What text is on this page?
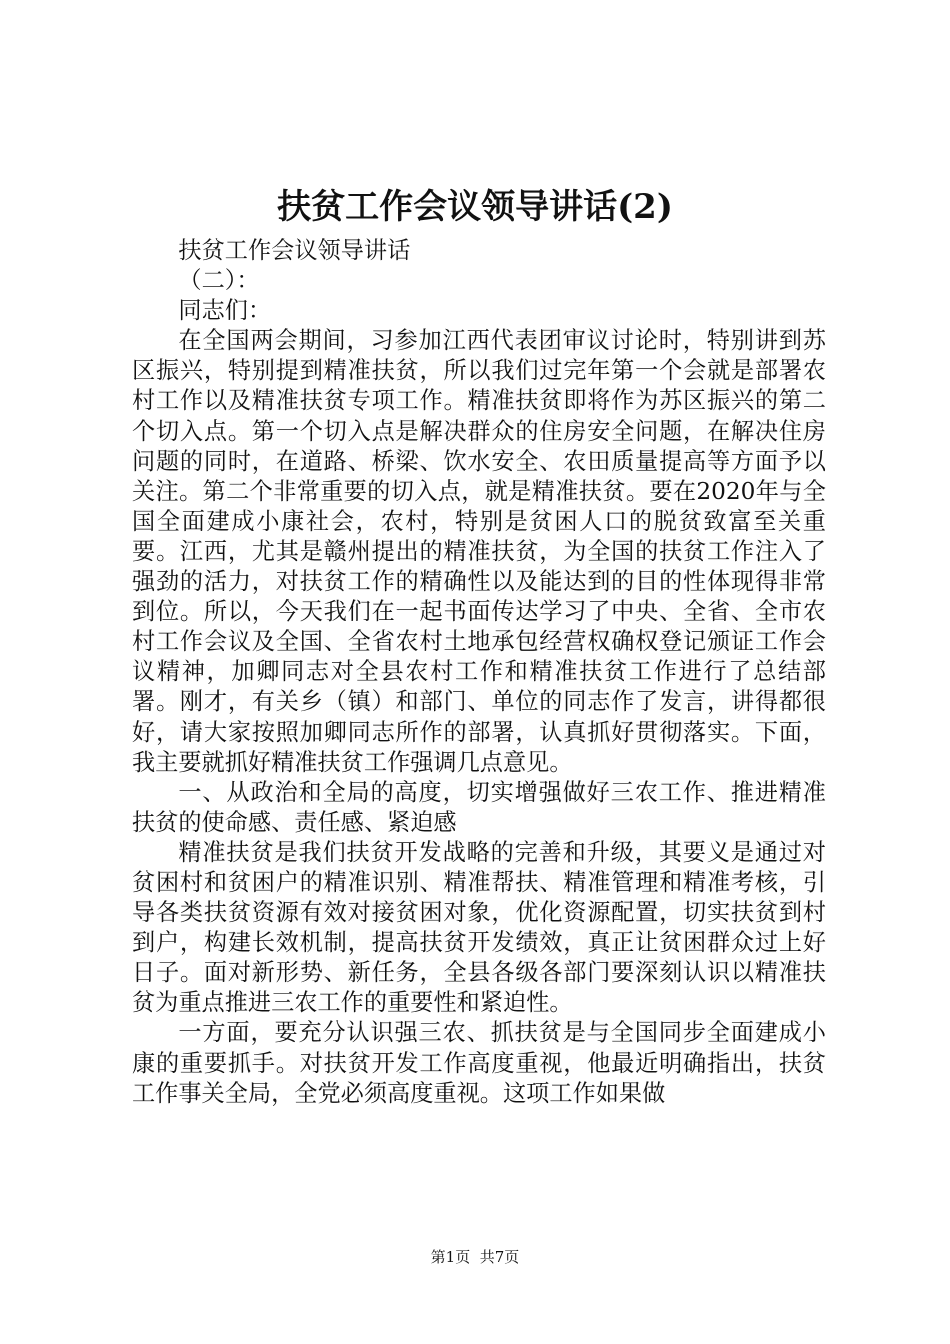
扶贫工作会议领导讲话(2)

扶贫工作会议领导讲话

（二）：

同志们：

在全国两会期间，习参加江西代表团审议讨论时，特别讲到苏区振兴，特别提到精准扶贫，所以我们过完年第一个会就是部署农村工作以及精准扶贫专项工作。精准扶贫即将作为苏区振兴的第二个切入点。第一个切入点是解决群众的住房安全问题，在解决住房问题的同时，在道路、桥梁、饮水安全、农田质量提高等方面予以关注。第二个非常重要的切入点，就是精准扶贫。要在2020年与全国全面建成小康社会，农村，特别是贫困人口的脱贫致富至关重要。江西，尤其是赣州提出的精准扶贫，为全国的扶贫工作注入了强劲的活力，对扶贫工作的精确性以及能达到的目的性体现得非常到位。所以，今天我们在一起书面传达学习了中央、全省、全市农村工作会议及全国、全省农村土地承包经营权确权登记颁证工作会议精神，加卿同志对全县农村工作和精准扶贫工作进行了总结部署。刚才，有关乡（镇）和部门、单位的同志作了发言，讲得都很好，请大家按照加卿同志所作的部署，认真抓好贯彻落实。下面，我主要就抓好精准扶贫工作强调几点意见。

一、从政治和全局的高度，切实增强做好三农工作、推进精准扶贫的使命感、责任感、紧迫感

精准扶贫是我们扶贫开发战略的完善和升级，其要义是通过对贫困村和贫困户的精准识别、精准帮扶、精准管理和精准考核，引导各类扶贫资源有效对接贫困对象，优化资源配置，切实扶贫到村到户，构建长效机制，提高扶贫开发绩效，真正让贫困群众过上好日子。面对新形势、新任务，全县各级各部门要深刻认识以精准扶贫为重点推进三农工作的重要性和紧迫性。

一方面，要充分认识强三农、抓扶贫是与全国同步全面建成小康的重要抓手。对扶贫开发工作高度重视，他最近明确指出，扶贫工作事关全局，全党必须高度重视。这项工作如果做

第1页 共7页
